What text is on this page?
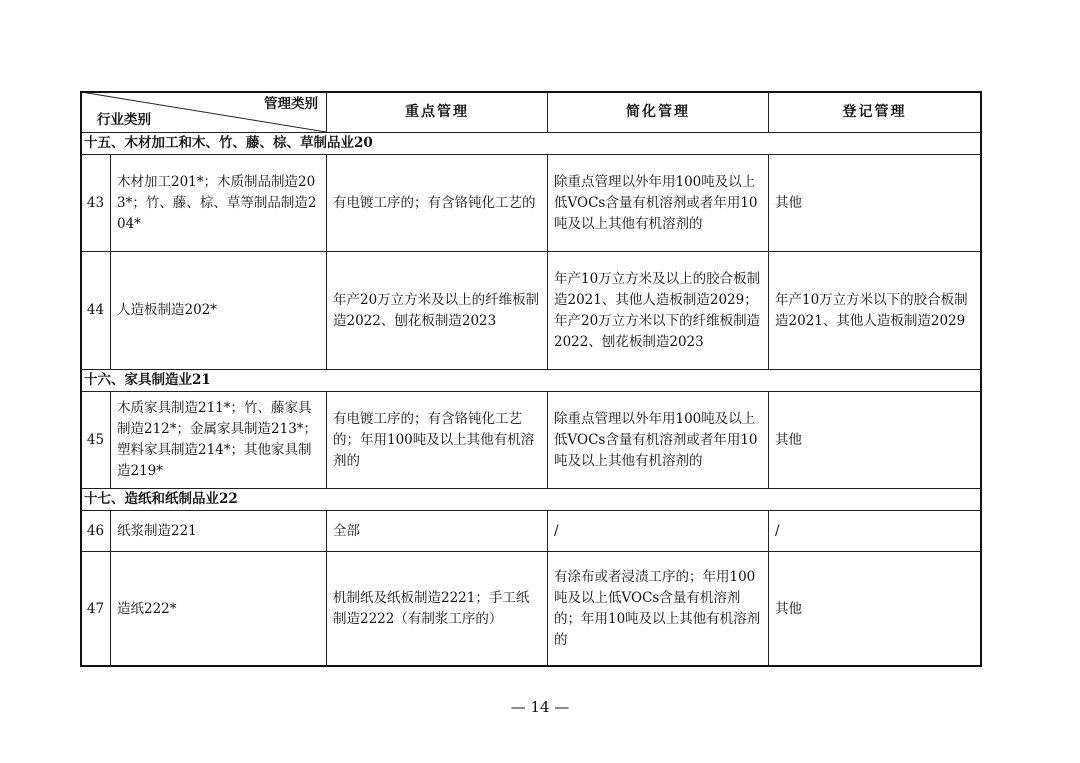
管理类别
行业类别		重点管理	简化管理	登记管理
十五、木材加工和木、竹、藤、棕、草制品业20				
43	木材加工201*；木质制品制造203*；竹、藤、棕、草等制品制造204*	有电镀工序的；有含铬钝化工艺的	除重点管理以外年用100吨及以上低VOCs含量有机溶剂或者年用10吨及以上其他有机溶剂的	其他
44	人造板制造202*	年产20万立方米及以上的纤维板制造2022、刨花板制造2023	年产10万立方米及以上的胶合板制造2021、其他人造板制造2029；年产20万立方米以下的纤维板制造2022、刨花板制造2023	年产10万立方米以下的胶合板制造2021、其他人造板制造2029
十六、家具制造业21				
45	木质家具制造211*；竹、藤家具制造212*；金属家具制造213*；塑料家具制造214*；其他家具制造219*	有电镀工序的；有含铬钝化工艺的；年用100吨及以上其他有机溶剂的	除重点管理以外年用100吨及以上低VOCs含量有机溶剂或者年用10吨及以上其他有机溶剂的	其他
十七、造纸和纸制品业22				
46	纸浆制造221	全部	/	/
47	造纸222*	机制纸及纸板制造2221；手工纸制造2222（有制浆工序的）	有涂布或者浸渍工序的；年用100吨及以上低VOCs含量有机溶剂的；年用10吨及以上其他有机溶剂的	其他
— 14 —
